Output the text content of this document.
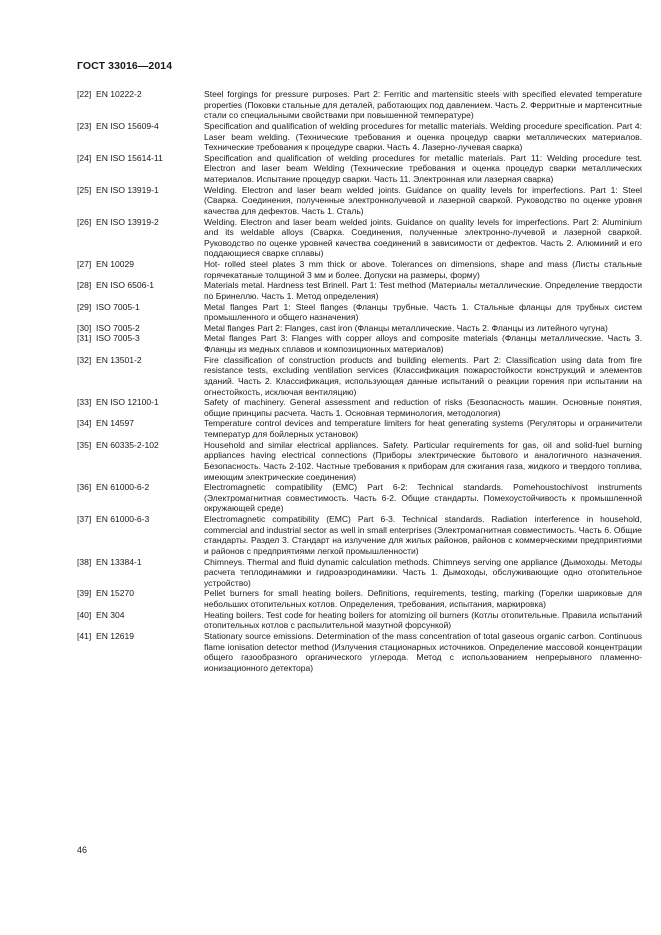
ГОСТ 33016—2014
[22] EN 10222-2	Steel forgings for pressure purposes. Part 2: Ferritic and martensitic steels with specified elevated temperature properties (Поковки стальные для деталей, работающих под давлением. Часть 2. Ферритные и мартенситные стали со специальными свойствами при повышенной температуре)
[23] EN ISO 15609-4	Specification and qualification of welding procedures for metallic materials. Welding procedure specification. Part 4: Laser beam welding. (Технические требования и оценка процедур сварки металлических материалов. Технические требования к процедуре сварки. Часть 4. Лазерно-лучевая сварка)
[24] EN ISO 15614-11	Specification and qualification of welding procedures for metallic materials. Part 11: Welding procedure test. Electron and laser beam Welding (Технические требования и оценка процедур сварки металлических материалов. Испытание процедур сварки. Часть 11. Электронная или лазерная сварка)
[25] EN ISO 13919-1	Welding. Electron and laser beam welded joints. Guidance on quality levels for imperfections. Part 1: Steel (Сварка. Соединения, полученные электроннолучевой и лазерной сваркой. Руководство по оценке уровня качества для дефектов. Часть 1. Сталь)
[26] EN ISO 13919-2	Welding. Electron and laser beam welded joints. Guidance on quality levels for imperfections. Part 2: Aluminium and its weldable alloys (Сварка. Соединения, полученные электронно-лучевой и лазерной сваркой. Руководство по оценке уровней качества соединений в зависимости от дефектов. Часть 2. Алюминий и его поддающиеся сварке сплавы)
[27] EN 10029	Hot- rolled steel plates 3 mm thick or above. Tolerances on dimensions, shape and mass (Листы стальные горячекатаные толщиной 3 мм и более. Допуски на размеры, форму)
[28] EN ISO 6506-1	Materials metal. Hardness test Brinell. Part 1: Test method (Материалы металлические. Определение твердости по Бринеллю. Часть 1. Метод определения)
[29] ISO 7005-1	Metal flanges Part 1: Steel flanges (Фланцы трубные. Часть 1. Стальные фланцы для трубных систем промышленного и общего назначения)
[30] ISO 7005-2	Metal flanges Part 2: Flanges, cast iron (Фланцы металлические. Часть 2. Фланцы из литейного чугуна)
[31] ISO 7005-3	Metal flanges Part 3: Flanges with copper alloys and composite materials (Фланцы металлические. Часть 3. Фланцы из медных сплавов и композиционных материалов)
[32] EN 13501-2	Fire classification of construction products and building elements. Part 2: Classification using data from fire resistance tests, excluding ventilation services (Классификация пожаростойкости конструкций и элементов зданий. Часть 2. Классификация, использующая данные испытаний о реакции горения при испытании на огнестойкость, исключая вентиляцию)
[33] EN ISO 12100-1	Safety of machinery. General assessment and reduction of risks (Безопасность машин. Основные понятия, общие принципы расчета. Часть 1. Основная терминология, методология)
[34] EN 14597	Temperature control devices and temperature limiters for heat generating systems (Регуляторы и ограничители температур для бойлерных установок)
[35] EN 60335-2-102	Household and similar electrical appliances. Safety. Particular requirements for gas, oil and solid-fuel burning appliances having electrical connections (Приборы электрические бытового и аналогичного назначения. Безопасность. Часть 2-102. Частные требования к приборам для сжигания газа, жидкого и твердого топлива, имеющим электрические соединения)
[36] EN 61000-6-2	Electromagnetic compatibility (EMC) Part 6-2: Technical standards. Pomehoustochivost instruments (Электромагнитная совместимость. Часть 6-2. Общие стандарты. Помехоустойчивость к промышленной окружающей среде)
[37] EN 61000-6-3	Electromagnetic compatibility (EMC) Part 6-3. Technical standards. Radiation interference in household, commercial and industrial sector as well in small enterprises (Электромагнитная совместимость. Часть 6. Общие стандарты. Раздел 3. Стандарт на излучение для жилых районов, районов с коммерческими предприятиями и районов с предприятиями легкой промышленности)
[38] EN 13384-1	Chimneys. Thermal and fluid dynamic calculation methods. Chimneys serving one appliance (Дымоходы. Методы расчета теплодинамики и гидроаэродинамики. Часть 1. Дымоходы, обслуживающие одно отопительное устройство)
[39] EN 15270	Pellet burners for small heating boilers. Definitions, requirements, testing, marking (Горелки шариковые для небольших отопительных котлов. Определения, требования, испытания, маркировка)
[40] EN 304	Heating boilers. Test code for heating boilers for atomizing oil burners (Котлы отопительные. Правила испытаний отопительных котлов с распылительной мазутной форсункой)
[41] EN 12619	Stationary source emissions. Determination of the mass concentration of total gaseous organic carbon. Continuous flame ionisation detector method (Излучения стационарных источников. Определение массовой концентрации общего газообразного органического углерода. Метод с использованием непрерывного пламенно-ионизационного детектора)
46
